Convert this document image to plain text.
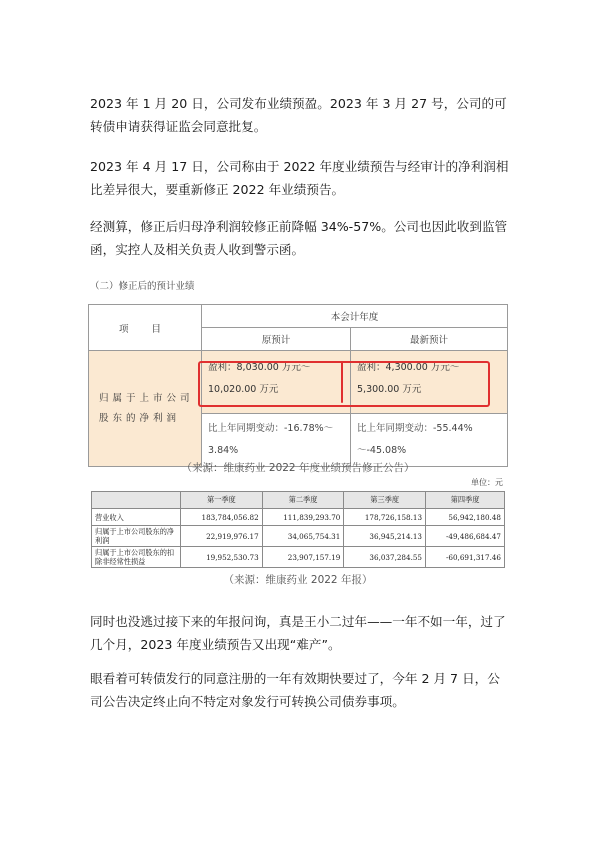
2023 年 1 月 20 日，公司发布业绩预盈。2023 年 3 月 27 号，公司的可转债申请获得证监会同意批复。

2023 年 4 月 17 日，公司称由于 2022 年度业绩预告与经审计的净利润相比差异很大，要重新修正 2022 年业绩预告。

经测算，修正后归母净利润较修正前降幅 34%-57%。公司也因此收到监管函，实控人及相关负责人收到警示函。

（二）修正后的预计业绩
项 目	本会计年度	
	原预计	最新预计
归属于上市公司股东的净利润	盈利：8,030.00 万元～10,020.00 万元	盈利：4,300.00 万元～5,300.00 万元
	比上年同期变动：-16.78%～3.84%	比上年同期变动：-55.44%～-45.08%
（来源：维康药业 2022 年度业绩预告修正公告）
单位：元
	第一季度	第二季度	第三季度	第四季度
营业收入	183,784,056.82	111,839,293.70	178,726,158.13	56,942,180.48
归属于上市公司股东的净利润	22,919,976.17	34,065,754.31	36,945,214.13	-49,486,684.47
归属于上市公司股东的扣除非经常性损益	19,952,530.73	23,907,157.19	36,037,284.55	-60,691,317.46
（来源：维康药业 2022 年报）

同时也没逃过接下来的年报问询，真是王小二过年——一年不如一年，过了几个月，2023 年度业绩预告又出现“难产”。

眼看着可转债发行的同意注册的一年有效期快要过了，今年 2 月 7 日，公司公告决定终止向不特定对象发行可转换公司债券事项。
